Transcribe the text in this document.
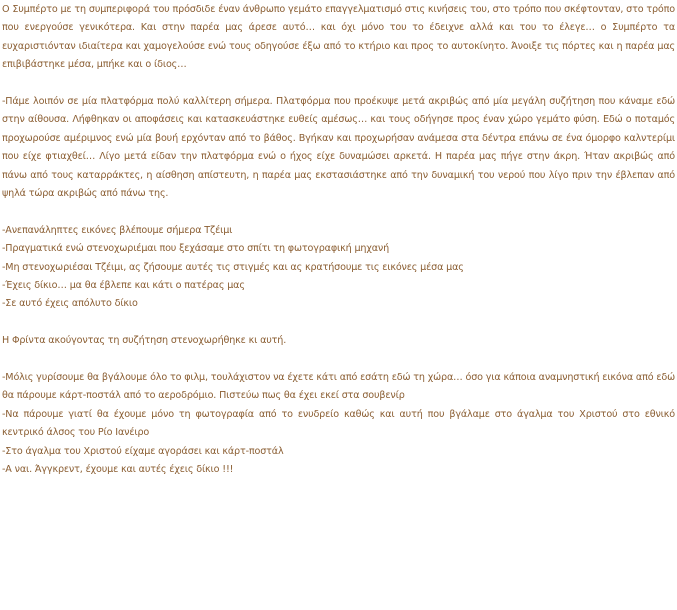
Ο Συμπέρτο με τη συμπεριφορά του πρόσδιδε έναν άνθρωπο γεμάτο επαγγελματισμό στις κινήσεις του, στο τρόπο που σκέφτονταν, στο τρόπο που ενεργούσε γενικότερα. Και στην παρέα μας άρεσε αυτό… και όχι μόνο του το έδειχνε αλλά και του το έλεγε… ο Συμπέρτο τα ευχαριστιόνταν ιδιαίτερα και χαμογελούσε ενώ τους οδηγούσε έξω από το κτήριο και προς το αυτοκίνητο. Άνοιξε τις πόρτες και η παρέα μας επιβιβάστηκε μέσα, μπήκε και ο ίδιος…

-Πάμε λοιπόν σε μία πλατφόρμα πολύ καλλίτερη σήμερα. Πλατφόρμα που προέκυψε μετά ακριβώς από μία μεγάλη συζήτηση που κάναμε εδώ στην αίθουσα. Λήφθηκαν οι αποφάσεις και κατασκευάστηκε ευθείς αμέσως… και τους οδήγησε προς έναν χώρο γεμάτο φύση. Εδώ ο ποταμός προχωρούσε αμέριμνος ενώ μία βουή ερχόνταν από το βάθος. Βγήκαν και προχωρήσαν ανάμεσα στα δέντρα επάνω σε ένα όμορφο καλντερίμι που είχε φτιαχθεί… Λίγο μετά είδαν την πλατφόρμα ενώ ο ήχος είχε δυναμώσει αρκετά. Η παρέα μας πήγε στην άκρη. Ήταν ακριβώς από πάνω από τους καταρράκτες, η αίσθηση απίστευτη, η παρέα μας εκστασιάστηκε από την δυναμική του νερού που λίγο πριν την έβλεπαν από ψηλά τώρα ακριβώς από πάνω της.

-Ανεπανάληπτες εικόνες βλέπουμε σήμερα Τζέιμι

-Πραγματικά ενώ στενοχωριέμαι που ξεχάσαμε στο σπίτι τη φωτογραφική μηχανή

-Μη στενοχωριέσαι Τζέιμι, ας ζήσουμε αυτές τις στιγμές και ας κρατήσουμε τις εικόνες μέσα μας

-Έχεις δίκιο… μα θα έβλεπε και κάτι ο πατέρας μας

-Σε αυτό έχεις απόλυτο δίκιο

Η Φρίντα ακούγοντας τη συζήτηση στενοχωρήθηκε κι αυτή.

-Μόλις γυρίσουμε θα βγάλουμε όλο το φιλμ, τουλάχιστον να έχετε κάτι από εσάτη εδώ τη χώρα… όσο για κάποια αναμνηστική εικόνα από εδώ θα πάρουμε κάρτ-ποστάλ από το αεροδρόμιο. Πιστεύω πως θα έχει εκεί στα σουβενίρ

-Να πάρουμε γιατί θα έχουμε μόνο τη φωτογραφία από το ενυδρείο καθώς και αυτή που βγάλαμε στο άγαλμα του Χριστού στο εθνικό κεντρικό άλσος του Ρίο Ιανέιρο

-Στο άγαλμα του Χριστού είχαμε αγοράσει και κάρτ-ποστάλ

-Α ναι. Άγγκρεντ, έχουμε και αυτές έχεις δίκιο !!!
